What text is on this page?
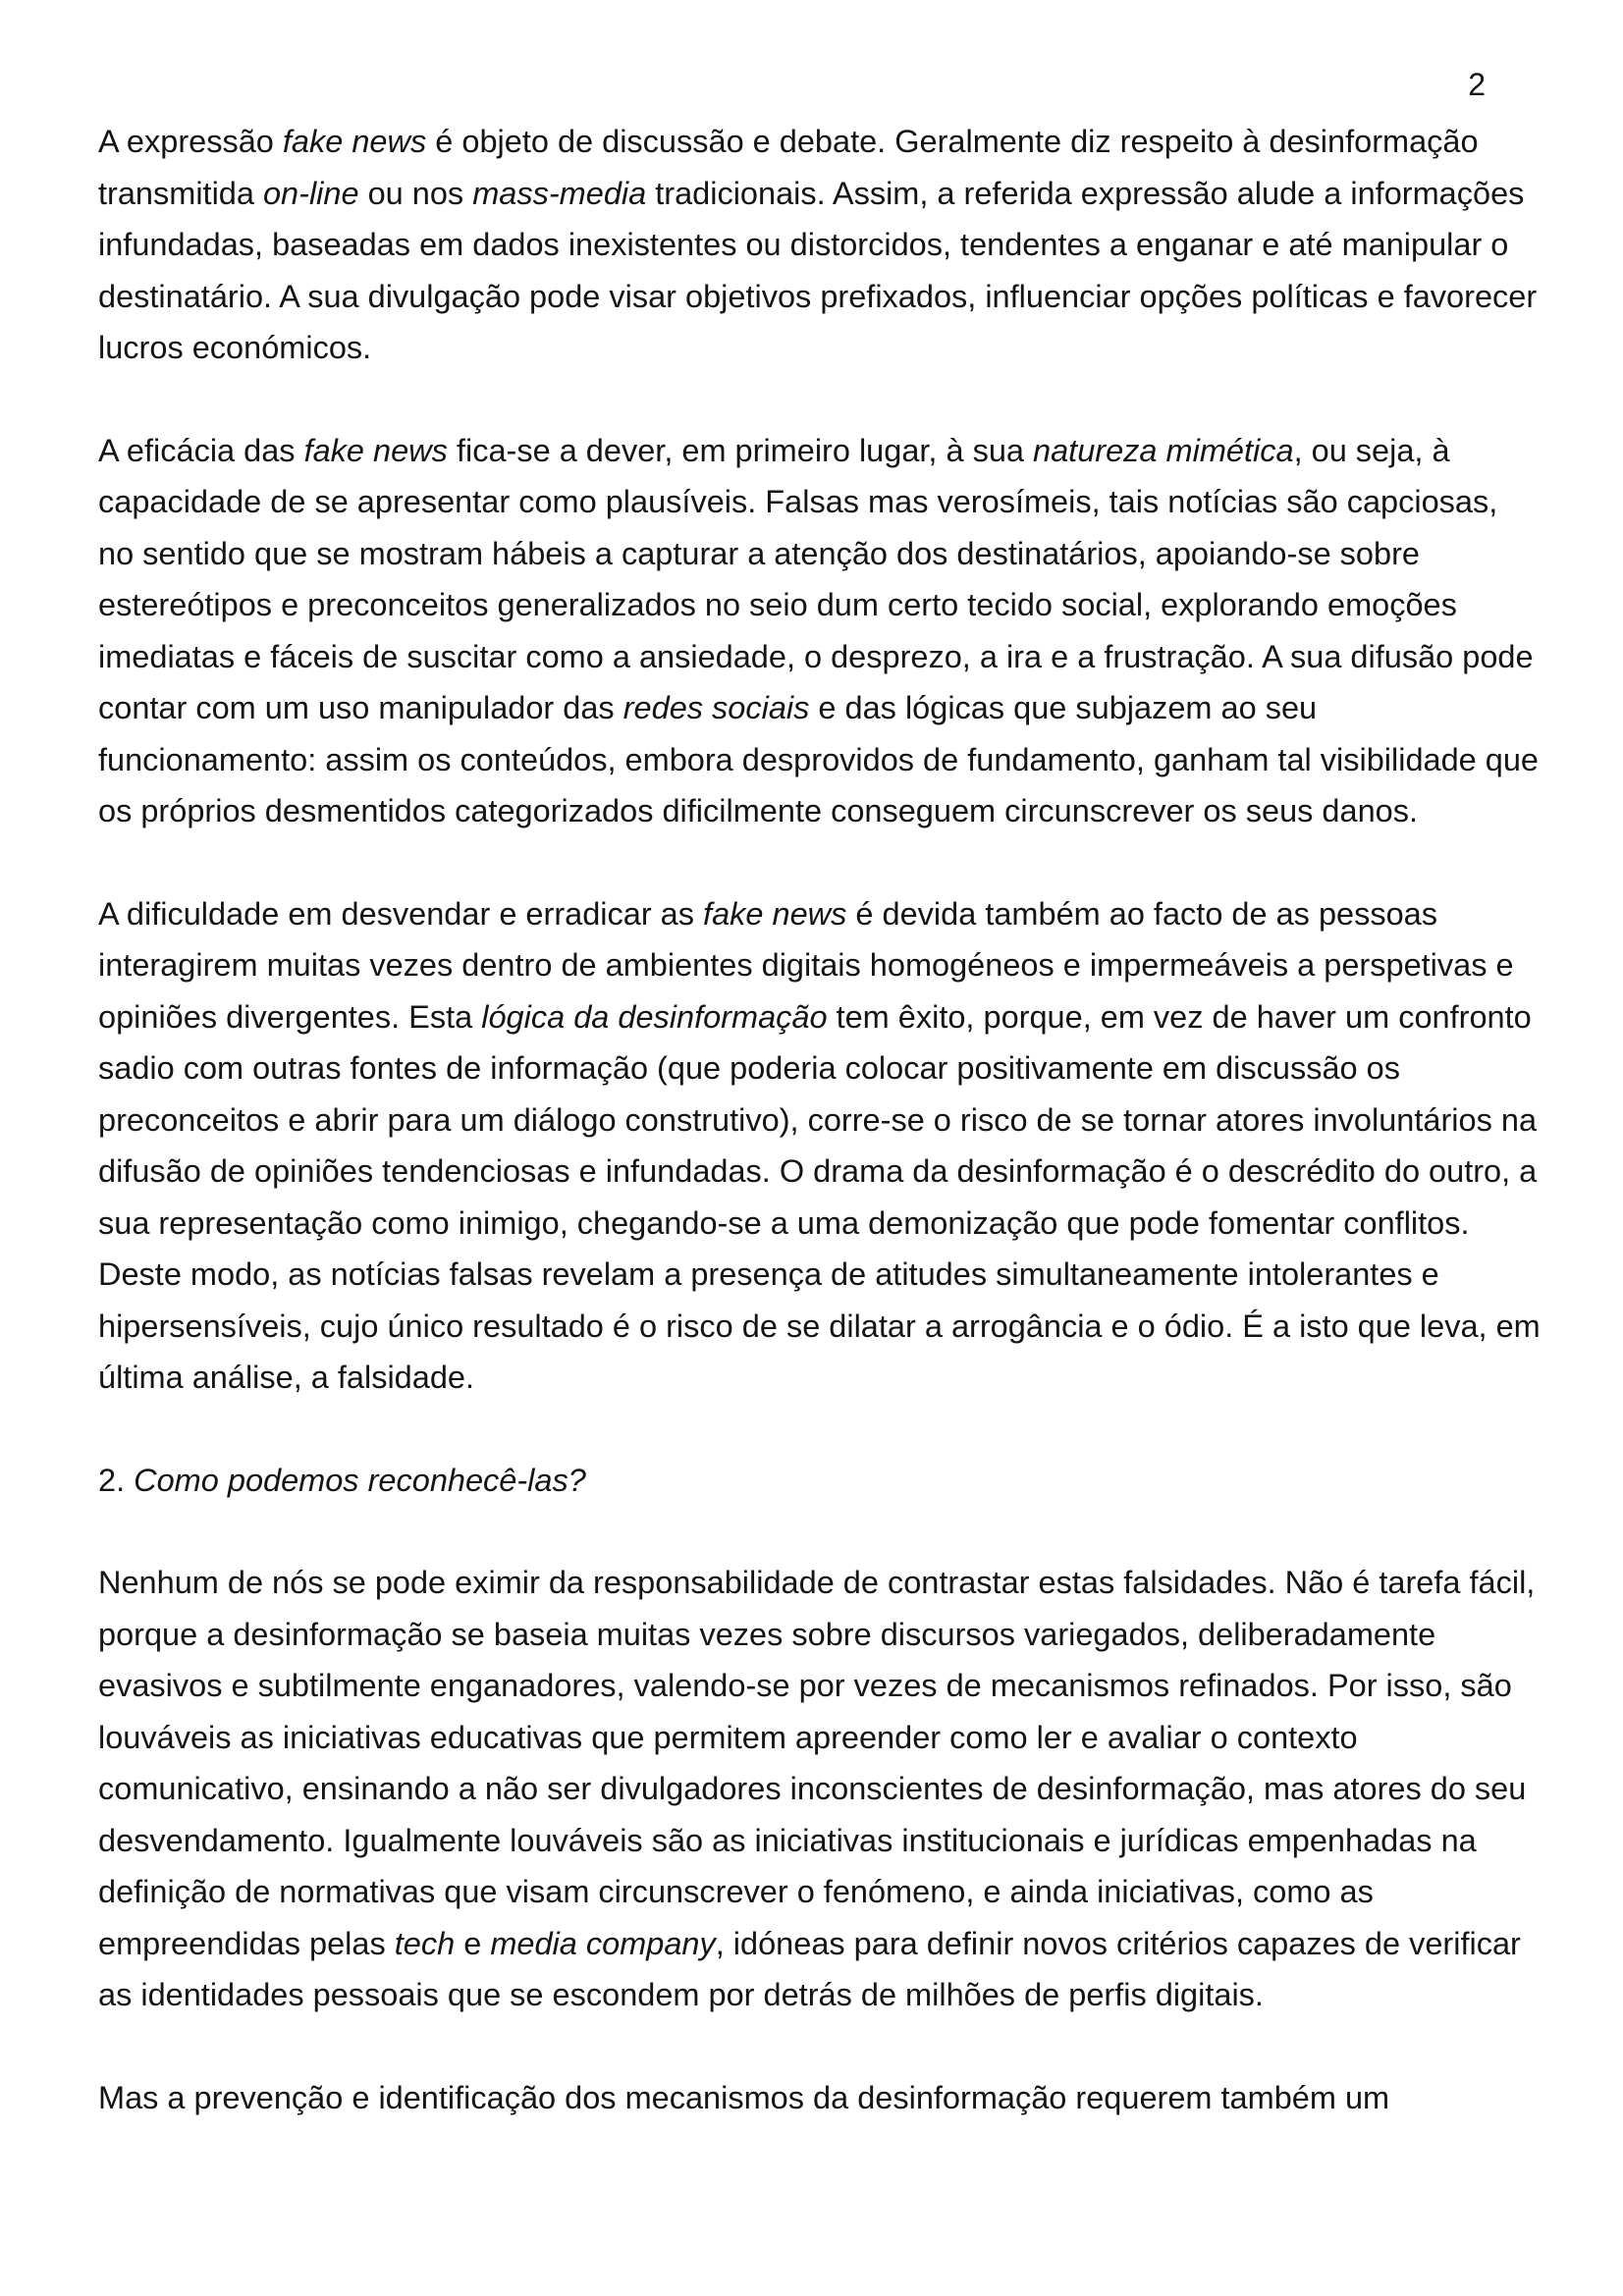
2

A expressão fake news é objeto de discussão e debate. Geralmente diz respeito à desinformação transmitida on-line ou nos mass-media tradicionais. Assim, a referida expressão alude a informações infundadas, baseadas em dados inexistentes ou distorcidos, tendentes a enganar e até manipular o destinatário. A sua divulgação pode visar objetivos prefixados, influenciar opções políticas e favorecer lucros económicos.

A eficácia das fake news fica-se a dever, em primeiro lugar, à sua natureza mimética, ou seja, à capacidade de se apresentar como plausíveis. Falsas mas verosímeis, tais notícias são capciosas, no sentido que se mostram hábeis a capturar a atenção dos destinatários, apoiando-se sobre estereótipos e preconceitos generalizados no seio dum certo tecido social, explorando emoções imediatas e fáceis de suscitar como a ansiedade, o desprezo, a ira e a frustração. A sua difusão pode contar com um uso manipulador das redes sociais e das lógicas que subjazem ao seu funcionamento: assim os conteúdos, embora desprovidos de fundamento, ganham tal visibilidade que os próprios desmentidos categorizados dificilmente conseguem circunscrever os seus danos.

A dificuldade em desvendar e erradicar as fake news é devida também ao facto de as pessoas interagirem muitas vezes dentro de ambientes digitais homogéneos e impermeáveis a perspetivas e opiniões divergentes. Esta lógica da desinformação tem êxito, porque, em vez de haver um confronto sadio com outras fontes de informação (que poderia colocar positivamente em discussão os preconceitos e abrir para um diálogo construtivo), corre-se o risco de se tornar atores involuntários na difusão de opiniões tendenciosas e infundadas. O drama da desinformação é o descrédito do outro, a sua representação como inimigo, chegando-se a uma demonização que pode fomentar conflitos. Deste modo, as notícias falsas revelam a presença de atitudes simultaneamente intolerantes e hipersensíveis, cujo único resultado é o risco de se dilatar a arrogância e o ódio. É a isto que leva, em última análise, a falsidade.

2. Como podemos reconhecê-las?

Nenhum de nós se pode eximir da responsabilidade de contrastar estas falsidades. Não é tarefa fácil, porque a desinformação se baseia muitas vezes sobre discursos variegados, deliberadamente evasivos e subtilmente enganadores, valendo-se por vezes de mecanismos refinados. Por isso, são louváveis as iniciativas educativas que permitem apreender como ler e avaliar o contexto comunicativo, ensinando a não ser divulgadores inconscientes de desinformação, mas atores do seu desvendamento. Igualmente louváveis são as iniciativas institucionais e jurídicas empenhadas na definição de normativas que visam circunscrever o fenómeno, e ainda iniciativas, como as empreendidas pelas tech e media company, idóneas para definir novos critérios capazes de verificar as identidades pessoais que se escondem por detrás de milhões de perfis digitais.

Mas a prevenção e identificação dos mecanismos da desinformação requerem também um
